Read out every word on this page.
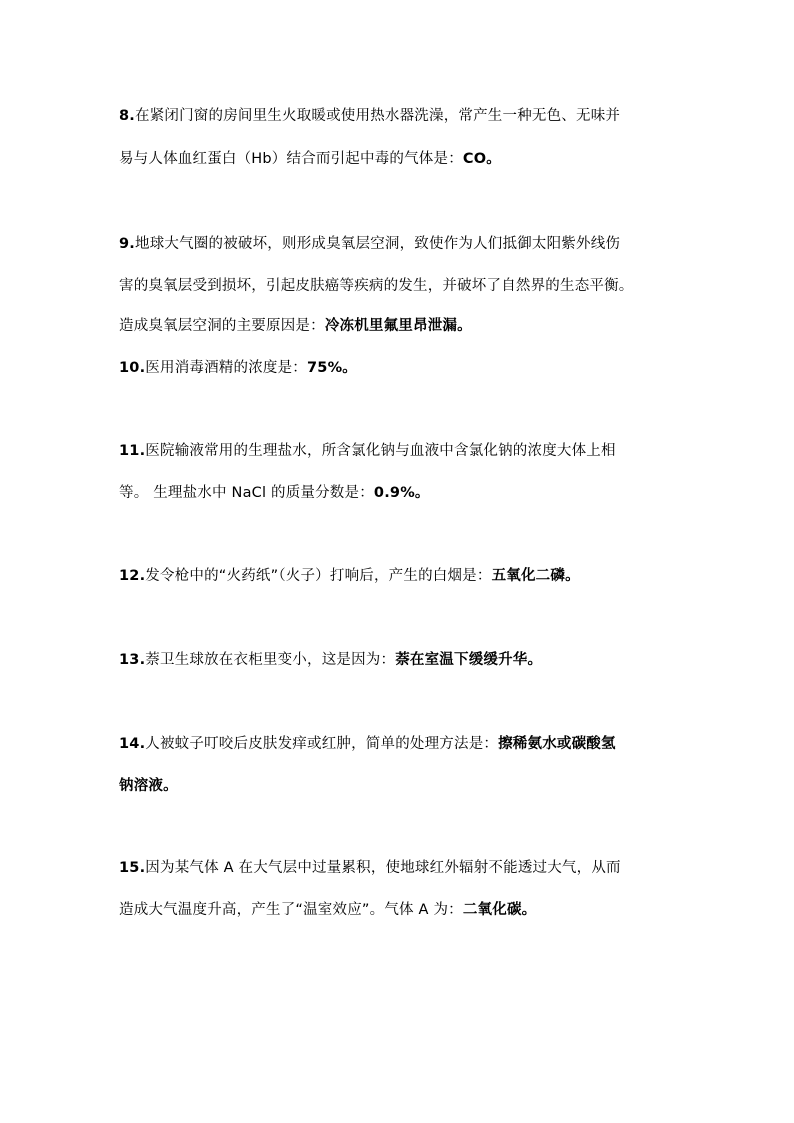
8.在紧闭门窗的房间里生火取暖或使用热水器洗澡，常产生一种无色、无味并
易与人体血红蛋白（Hb）结合而引起中毒的气体是：CO。
9.地球大气圈的被破坏，则形成臭氧层空洞，致使作为人们抵御太阳紫外线伤
害的臭氧层受到损坏，引起皮肤癌等疾病的发生，并破坏了自然界的生态平衡。
造成臭氧层空洞的主要原因是：冷冻机里氟里昂泄漏。
10.医用消毒酒精的浓度是：75%。
11.医院输液常用的生理盐水，所含氯化钠与血液中含氯化钠的浓度大体上相
等。 生理盐水中 NaCl 的质量分数是：0.9%。
12.发令枪中的“火药纸”（火子）打响后，产生的白烟是：五氧化二磷。
13.萘卫生球放在衣柜里变小，这是因为：萘在室温下缓缓升华。
14.人被蚊子叮咬后皮肤发痒或红肿，简单的处理方法是：擦稀氨水或碳酸氢
钠溶液。
15.因为某气体 A 在大气层中过量累积，使地球红外辐射不能透过大气，从而
造成大气温度升高，产生了“温室效应”。气体 A 为：二氧化碳。
